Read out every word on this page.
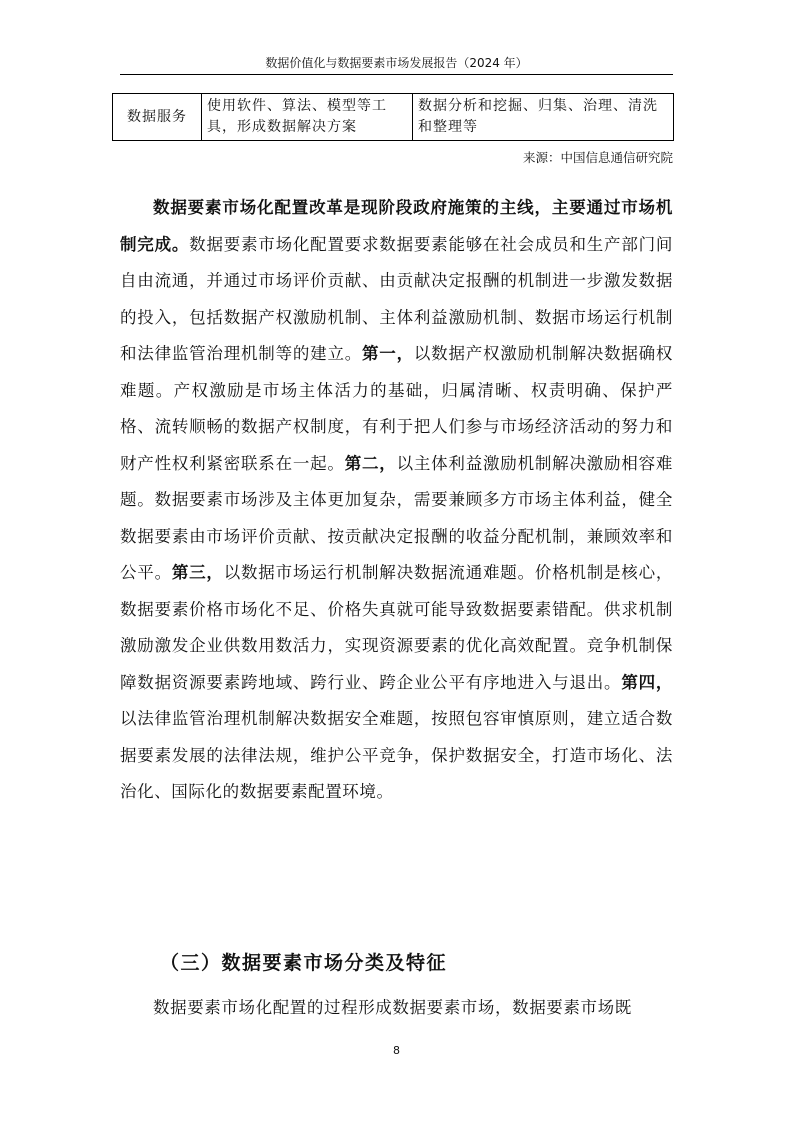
数据价值化与数据要素市场发展报告（2024 年）
数据服务	使用软件、算法、模型等工具，形成数据解决方案	数据分析和挖掘、归集、治理、清洗和整理等
来源：中国信息通信研究院
数据要素市场化配置改革是现阶段政府施策的主线，主要通过市场机制完成。数据要素市场化配置要求数据要素能够在社会成员和生产部门间自由流通，并通过市场评价贡献、由贡献决定报酬的机制进一步激发数据的投入，包括数据产权激励机制、主体利益激励机制、数据市场运行机制和法律监管治理机制等的建立。第一，以数据产权激励机制解决数据确权难题。产权激励是市场主体活力的基础，归属清晰、权责明确、保护严格、流转顺畅的数据产权制度，有利于把人们参与市场经济活动的努力和财产性权利紧密联系在一起。第二，以主体利益激励机制解决激励相容难题。数据要素市场涉及主体更加复杂，需要兼顾多方市场主体利益，健全数据要素由市场评价贡献、按贡献决定报酬的收益分配机制，兼顾效率和公平。第三，以数据市场运行机制解决数据流通难题。价格机制是核心，数据要素价格市场化不足、价格失真就可能导致数据要素错配。供求机制激励激发企业供数用数活力，实现资源要素的优化高效配置。竞争机制保障数据资源要素跨地域、跨行业、跨企业公平有序地进入与退出。第四，以法律监管治理机制解决数据安全难题，按照包容审慎原则，建立适合数据要素发展的法律法规，维护公平竞争，保护数据安全，打造市场化、法治化、国际化的数据要素配置环境。
（三）数据要素市场分类及特征
数据要素市场化配置的过程形成数据要素市场，数据要素市场既
8
